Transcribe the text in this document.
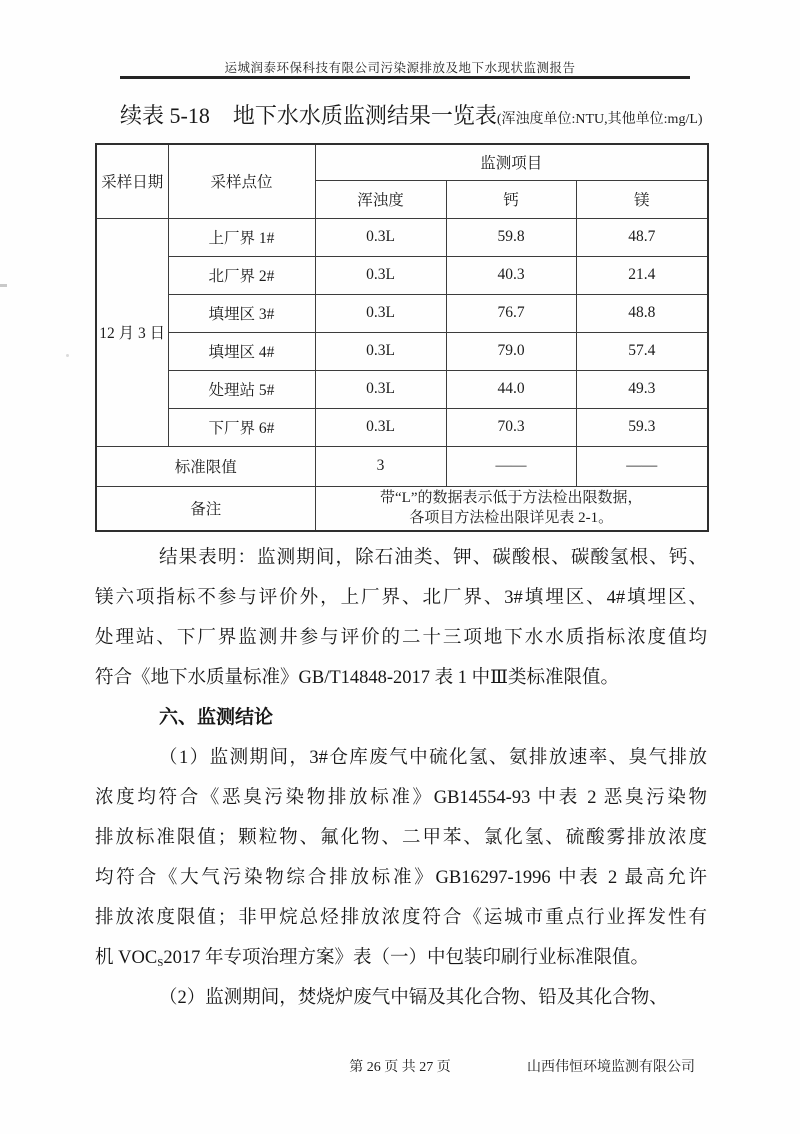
运城润泰环保科技有限公司污染源排放及地下水现状监测报告
续表 5-18 地下水水质监测结果一览表(浑浊度单位:NTU,其他单位:mg/L)
采样日期	采样点位	监测项目		
		浑浊度	钙	镁
12 月 3 日	上厂界 1#	0.3L	59.8	48.7
	北厂界 2#	0.3L	40.3	21.4
	填埋区 3#	0.3L	76.7	48.8
	填埋区 4#	0.3L	79.0	57.4
	处理站 5#	0.3L	44.0	49.3
	下厂界 6#	0.3L	70.3	59.3
标准限值		3	——	——
备注		带“L”的数据表示低于方法检出限数据，
各项目方法检出限详见表 2-1。		
结果表明：监测期间，除石油类、钾、碳酸根、碳酸氢根、钙、
镁六项指标不参与评价外，上厂界、北厂界、3#填埋区、4#填埋区、
处理站、下厂界监测井参与评价的二十三项地下水水质指标浓度值均
符合《地下水质量标准》GB/T14848-2017 表 1 中Ⅲ类标准限值。
六、监测结论
（1）监测期间，3#仓库废气中硫化氢、氨排放速率、臭气排放
浓度均符合《恶臭污染物排放标准》GB14554-93 中表 2 恶臭污染物
排放标准限值；颗粒物、氟化物、二甲苯、氯化氢、硫酸雾排放浓度
均符合《大气污染物综合排放标准》GB16297-1996 中表 2 最高允许
排放浓度限值；非甲烷总烃排放浓度符合《运城市重点行业挥发性有
机 VOCS2017 年专项治理方案》表（一）中包装印刷行业标准限值。
（2）监测期间，焚烧炉废气中镉及其化合物、铅及其化合物、
第 26 页 共 27 页	山西伟恒环境监测有限公司
